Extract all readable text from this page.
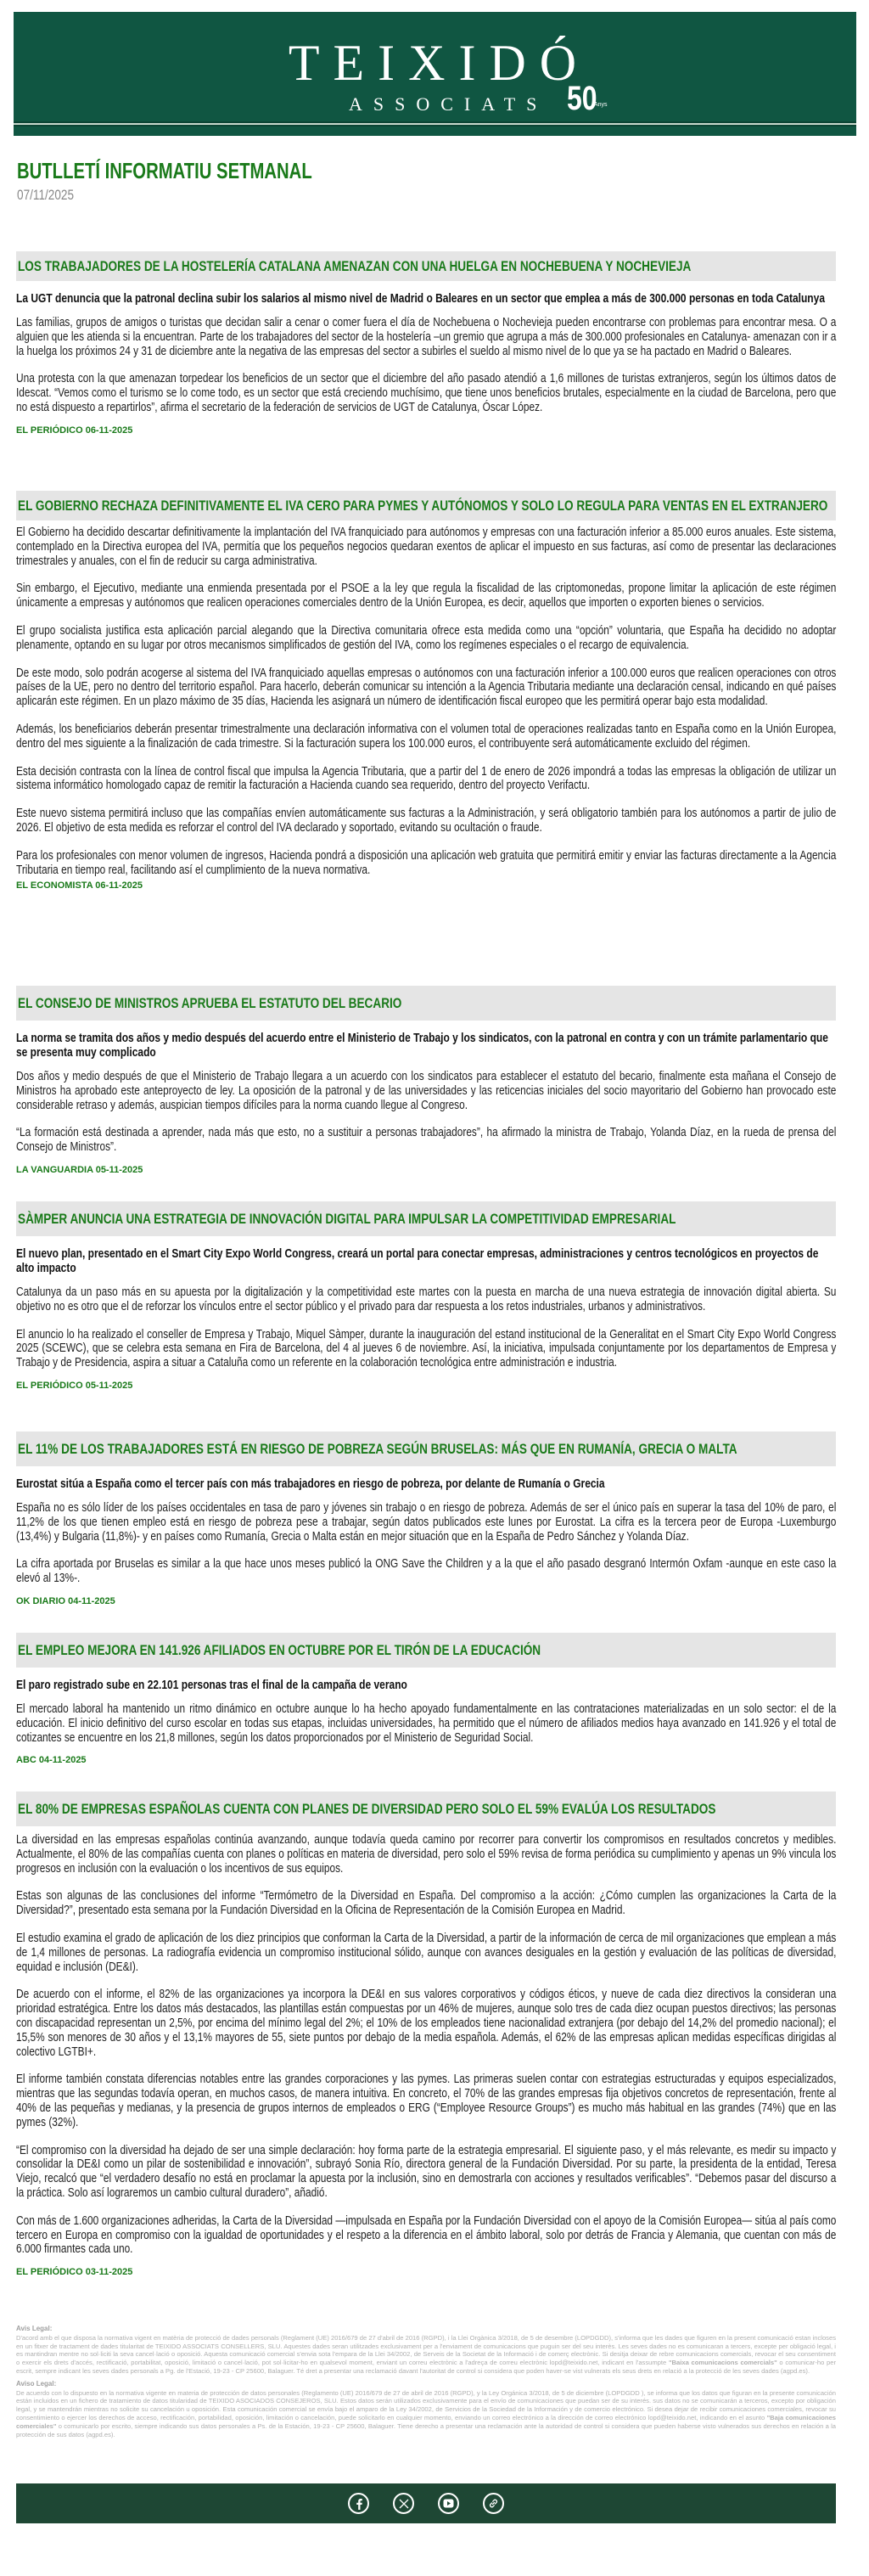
TEIXIDÓ
ASSOCIATS 50
Anys
BUTLLETÍ INFORMATIU SETMANAL
07/11/2025
LOS TRABAJADORES DE LA HOSTELERÍA CATALANA AMENAZAN CON UNA HUELGA EN NOCHEBUENA Y NOCHEVIEJA
La UGT denuncia que la patronal declina subir los salarios al mismo nivel de Madrid o Baleares en un sector que emplea a más de 300.000 personas en toda Catalunya
Las familias, grupos de amigos o turistas que decidan salir a cenar o comer fuera el día de Nochebuena o Nochevieja pueden encontrarse con problemas para encontrar mesa. O a alguien que les atienda si la encuentran. Parte de los trabajadores del sector de la hostelería –un gremio que agrupa a más de 300.000 profesionales en Catalunya- amenazan con ir a la huelga los próximos 24 y 31 de diciembre ante la negativa de las empresas del sector a subirles el sueldo al mismo nivel de lo que ya se ha pactado en Madrid o Baleares.
Una protesta con la que amenazan torpedear los beneficios de un sector que el diciembre del año pasado atendió a 1,6 millones de turistas extranjeros, según los últimos datos de Idescat. “Vemos como el turismo se lo come todo, es un sector que está creciendo muchísimo, que tiene unos beneficios brutales, especialmente en la ciudad de Barcelona, pero que no está dispuesto a repartirlos”, afirma el secretario de la federación de servicios de UGT de Catalunya, Óscar López.
EL PERIÓDICO 06-11-2025
EL GOBIERNO RECHAZA DEFINITIVAMENTE EL IVA CERO PARA PYMES Y AUTÓNOMOS Y SOLO LO REGULA PARA VENTAS EN EL EXTRANJERO
El Gobierno ha decidido descartar definitivamente la implantación del IVA franquiciado para autónomos y empresas con una facturación inferior a 85.000 euros anuales. Este sistema, contemplado en la Directiva europea del IVA, permitía que los pequeños negocios quedaran exentos de aplicar el impuesto en sus facturas, así como de presentar las declaraciones trimestrales y anuales, con el fin de reducir su carga administrativa.
Sin embargo, el Ejecutivo, mediante una enmienda presentada por el PSOE a la ley que regula la fiscalidad de las criptomonedas, propone limitar la aplicación de este régimen únicamente a empresas y autónomos que realicen operaciones comerciales dentro de la Unión Europea, es decir, aquellos que importen o exporten bienes o servicios.
El grupo socialista justifica esta aplicación parcial alegando que la Directiva comunitaria ofrece esta medida como una “opción” voluntaria, que España ha decidido no adoptar plenamente, optando en su lugar por otros mecanismos simplificados de gestión del IVA, como los regímenes especiales o el recargo de equivalencia.
De este modo, solo podrán acogerse al sistema del IVA franquiciado aquellas empresas o autónomos con una facturación inferior a 100.000 euros que realicen operaciones con otros países de la UE, pero no dentro del territorio español. Para hacerlo, deberán comunicar su intención a la Agencia Tributaria mediante una declaración censal, indicando en qué países aplicarán este régimen. En un plazo máximo de 35 días, Hacienda les asignará un número de identificación fiscal europeo que les permitirá operar bajo esta modalidad.
Además, los beneficiarios deberán presentar trimestralmente una declaración informativa con el volumen total de operaciones realizadas tanto en España como en la Unión Europea, dentro del mes siguiente a la finalización de cada trimestre. Si la facturación supera los 100.000 euros, el contribuyente será automáticamente excluido del régimen.
Esta decisión contrasta con la línea de control fiscal que impulsa la Agencia Tributaria, que a partir del 1 de enero de 2026 impondrá a todas las empresas la obligación de utilizar un sistema informático homologado capaz de remitir la facturación a Hacienda cuando sea requerido, dentro del proyecto Verifactu.
Este nuevo sistema permitirá incluso que las compañías envíen automáticamente sus facturas a la Administración, y será obligatorio también para los autónomos a partir de julio de 2026. El objetivo de esta medida es reforzar el control del IVA declarado y soportado, evitando su ocultación o fraude.
Para los profesionales con menor volumen de ingresos, Hacienda pondrá a disposición una aplicación web gratuita que permitirá emitir y enviar las facturas directamente a la Agencia Tributaria en tiempo real, facilitando así el cumplimiento de la nueva normativa.
EL ECONOMISTA 06-11-2025
EL CONSEJO DE MINISTROS APRUEBA EL ESTATUTO DEL BECARIO
La norma se tramita dos años y medio después del acuerdo entre el Ministerio de Trabajo y los sindicatos, con la patronal en contra y con un trámite parlamentario que se presenta muy complicado
Dos años y medio después de que el Ministerio de Trabajo llegara a un acuerdo con los sindicatos para establecer el estatuto del becario, finalmente esta mañana el Consejo de Ministros ha aprobado este anteproyecto de ley. La oposición de la patronal y de las universidades y las reticencias iniciales del socio mayoritario del Gobierno han provocado este considerable retraso y además, auspician tiempos difíciles para la norma cuando llegue al Congreso.
“La formación está destinada a aprender, nada más que esto, no a sustituir a personas trabajadores”, ha afirmado la ministra de Trabajo, Yolanda Díaz, en la rueda de prensa del Consejo de Ministros”.
LA VANGUARDIA 05-11-2025
SÀMPER ANUNCIA UNA ESTRATEGIA DE INNOVACIÓN DIGITAL PARA IMPULSAR LA COMPETITIVIDAD EMPRESARIAL
El nuevo plan, presentado en el Smart City Expo World Congress, creará un portal para conectar empresas, administraciones y centros tecnológicos en proyectos de alto impacto
Catalunya da un paso más en su apuesta por la digitalización y la competitividad este martes con la puesta en marcha de una nueva estrategia de innovación digital abierta. Su objetivo no es otro que el de reforzar los vínculos entre el sector público y el privado para dar respuesta a los retos industriales, urbanos y administrativos.
El anuncio lo ha realizado el conseller de Empresa y Trabajo, Miquel Sàmper, durante la inauguración del estand institucional de la Generalitat en el Smart City Expo World Congress 2025 (SCEWC), que se celebra esta semana en Fira de Barcelona, del 4 al jueves 6 de noviembre. Así, la iniciativa, impulsada conjuntamente por los departamentos de Empresa y Trabajo y de Presidencia, aspira a situar a Cataluña como un referente en la colaboración tecnológica entre administración e industria.
EL PERIÓDICO 05-11-2025
EL 11% DE LOS TRABAJADORES ESTÁ EN RIESGO DE POBREZA SEGÚN BRUSELAS: MÁS QUE EN RUMANÍA, GRECIA O MALTA
Eurostat sitúa a España como el tercer país con más trabajadores en riesgo de pobreza, por delante de Rumanía o Grecia
España no es sólo líder de los países occidentales en tasa de paro y jóvenes sin trabajo o en riesgo de pobreza. Además de ser el único país en superar la tasa del 10% de paro, el 11,2% de los que tienen empleo está en riesgo de pobreza pese a trabajar, según datos publicados este lunes por Eurostat. La cifra es la tercera peor de Europa -Luxemburgo (13,4%) y Bulgaria (11,8%)- y en países como Rumanía, Grecia o Malta están en mejor situación que en la España de Pedro Sánchez y Yolanda Díaz.
La cifra aportada por Bruselas es similar a la que hace unos meses publicó la ONG Save the Children y a la que el año pasado desgranó Intermón Oxfam -aunque en este caso la elevó al 13%-.
OK DIARIO 04-11-2025
EL EMPLEO MEJORA EN 141.926 AFILIADOS EN OCTUBRE POR EL TIRÓN DE LA EDUCACIÓN
El paro registrado sube en 22.101 personas tras el final de la campaña de verano
El mercado laboral ha mantenido un ritmo dinámico en octubre aunque lo ha hecho apoyado fundamentalmente en las contrataciones materializadas en un solo sector: el de la educación. El inicio definitivo del curso escolar en todas sus etapas, incluidas universidades, ha permitido que el número de afiliados medios haya avanzado en 141.926 y el total de cotizantes se encuentre en los 21,8 millones, según los datos proporcionados por el Ministerio de Seguridad Social.
ABC 04-11-2025
EL 80% DE EMPRESAS ESPAÑOLAS CUENTA CON PLANES DE DIVERSIDAD PERO SOLO EL 59% EVALÚA LOS RESULTADOS
La diversidad en las empresas españolas continúa avanzando, aunque todavía queda camino por recorrer para convertir los compromisos en resultados concretos y medibles. Actualmente, el 80% de las compañías cuenta con planes o políticas en materia de diversidad, pero solo el 59% revisa de forma periódica su cumplimiento y apenas un 9% vincula los progresos en inclusión con la evaluación o los incentivos de sus equipos.
Estas son algunas de las conclusiones del informe “Termómetro de la Diversidad en España. Del compromiso a la acción: ¿Cómo cumplen las organizaciones la Carta de la Diversidad?”, presentado esta semana por la Fundación Diversidad en la Oficina de Representación de la Comisión Europea en Madrid.
El estudio examina el grado de aplicación de los diez principios que conforman la Carta de la Diversidad, a partir de la información de cerca de mil organizaciones que emplean a más de 1,4 millones de personas. La radiografía evidencia un compromiso institucional sólido, aunque con avances desiguales en la gestión y evaluación de las políticas de diversidad, equidad e inclusión (DE&I).
De acuerdo con el informe, el 82% de las organizaciones ya incorpora la DE&I en sus valores corporativos y códigos éticos, y nueve de cada diez directivos la consideran una prioridad estratégica. Entre los datos más destacados, las plantillas están compuestas por un 46% de mujeres, aunque solo tres de cada diez ocupan puestos directivos; las personas con discapacidad representan un 2,5%, por encima del mínimo legal del 2%; el 10% de los empleados tiene nacionalidad extranjera (por debajo del 14,2% del promedio nacional); el 15,5% son menores de 30 años y el 13,1% mayores de 55, siete puntos por debajo de la media española. Además, el 62% de las empresas aplican medidas específicas dirigidas al colectivo LGTBI+.
El informe también constata diferencias notables entre las grandes corporaciones y las pymes. Las primeras suelen contar con estrategias estructuradas y equipos especializados, mientras que las segundas todavía operan, en muchos casos, de manera intuitiva. En concreto, el 70% de las grandes empresas fija objetivos concretos de representación, frente al 40% de las pequeñas y medianas, y la presencia de grupos internos de empleados o ERG (“Employee Resource Groups”) es mucho más habitual en las grandes (74%) que en las pymes (32%).
“El compromiso con la diversidad ha dejado de ser una simple declaración: hoy forma parte de la estrategia empresarial. El siguiente paso, y el más relevante, es medir su impacto y consolidar la DE&I como un pilar de sostenibilidad e innovación”, subrayó Sonia Río, directora general de la Fundación Diversidad. Por su parte, la presidenta de la entidad, Teresa Viejo, recalcó que “el verdadero desafío no está en proclamar la apuesta por la inclusión, sino en demostrarla con acciones y resultados verificables”. “Debemos pasar del discurso a la práctica. Solo así lograremos un cambio cultural duradero”, añadió.
Con más de 1.600 organizaciones adheridas, la Carta de la Diversidad —impulsada en España por la Fundación Diversidad con el apoyo de la Comisión Europea— sitúa al país como tercero en Europa en compromiso con la igualdad de oportunidades y el respeto a la diferencia en el ámbito laboral, solo por detrás de Francia y Alemania, que cuentan con más de 6.000 firmantes cada uno.
EL PERIÓDICO 03-11-2025
Avis Legal:

D'acord amb el que disposa la normativa vigent en matèria de protecció de dades personals (Reglament (UE) 2016/679 de 27 d'abril de 2016 (RGPD), i la Llei Orgànica 3/2018, de 5 de desembre (LOPDGDD), s'informa que les dades que figuren en la present comunicació estan incloses en un fitxer de tractament de dades titularitat de TEIXIDO ASSOCIATS CONSELLERS, SLU. Aquestes dades seran utilitzades exclusivament per a l'enviament de comunicacions que puguin ser del seu interès. Les seves dades no es comunicaran a tercers, excepte per obligació legal, i es mantindran mentre no sol·liciti la seva cancel·lació o oposició. Aquesta comunicació comercial s'envia sota l'empara de la Llei 34/2002, de Serveis de la Societat de la Informació i de comerç electrònic. Si desitja deixar de rebre comunicacions comercials, revocar el seu consentiment o exercir els drets d'accés, rectificació, portabilitat, oposició, limitació o cancel·lació, pot sol·licitar-ho en qualsevol moment, enviant un correu electrònic a l'adreça de correu electrònic lopd@teixido.net, indicant en l'assumpte "Baixa comunicacions comercials" o comunicar-ho per escrit, sempre indicant les seves dades personals a Pg. de l'Estació, 19-23 - CP 25600, Balaguer. Té dret a presentar una reclamació davant l'autoritat de control si considera que poden haver-se vist vulnerats els seus drets en relació a la protecció de les seves dades (agpd.es).

Aviso Legal:

De acuerdo con lo dispuesto en la normativa vigente en materia de protección de datos personales (Reglamento (UE) 2016/679 de 27 de abril de 2016 (RGPD), y la Ley Orgánica 3/2018, de 5 de diciembre (LOPDGDD ), se informa que los datos que figuran en la presente comunicación están incluidos en un fichero de tratamiento de datos titularidad de TEIXIDO ASOCIADOS CONSEJEROS, SLU. Estos datos serán utilizados exclusivamente para el envío de comunicaciones que puedan ser de su interés. sus datos no se comunicarán a terceros, excepto por obligación legal, y se mantendrán mientras no solicite su cancelación u oposición. Esta comunicación comercial se envía bajo el amparo de la Ley 34/2002, de Servicios de la Sociedad de la Información y de comercio electrónico. Si desea dejar de recibir comunicaciones comerciales, revocar su consentimiento o ejercer los derechos de acceso, rectificación, portabilidad, oposición, limitación o cancelación, puede solicitarlo en cualquier momento, enviando un correo electrónico a la dirección de correo electrónico lopd@teixido.net, indicando en el asunto "Baja comunicaciones comerciales" o comunicarlo por escrito, siempre indicando sus datos personales a Ps. de la Estación, 19-23 - CP 25600, Balaguer. Tiene derecho a presentar una reclamación ante la autoridad de control si considera que pueden haberse visto vulnerados sus derechos en relación a la protección de sus datos (agpd.es).
